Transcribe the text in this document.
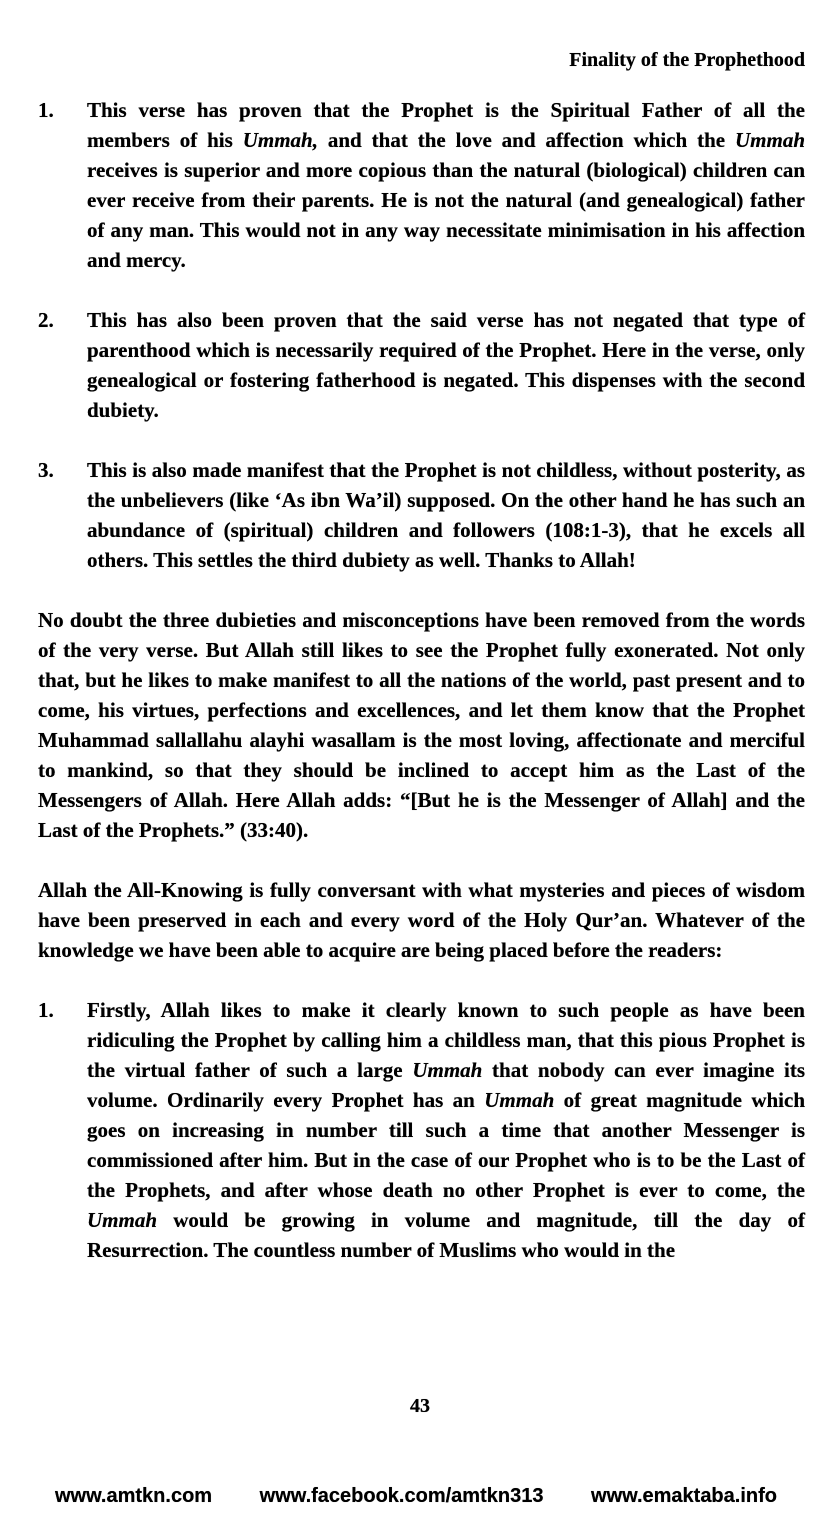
Finality of the Prophethood
1.	This verse has proven that the Prophet is the Spiritual Father of all the members of his Ummah, and that the love and affection which the Ummah receives is superior and more copious than the natural (biological) children can ever receive from their parents. He is not the natural (and genealogical) father of any man. This would not in any way necessitate minimisation in his affection and mercy.
2.	This has also been proven that the said verse has not negated that type of parenthood which is necessarily required of the Prophet. Here in the verse, only genealogical or fostering fatherhood is negated. This dispenses with the second dubiety.
3.	This is also made manifest that the Prophet is not childless, without posterity, as the unbelievers (like ‘As ibn Wa’il) supposed. On the other hand he has such an abundance of (spiritual) children and followers (108:1-3), that he excels all others. This settles the third dubiety as well. Thanks to Allah!

No doubt the three dubieties and misconceptions have been removed from the words of the very verse. But Allah still likes to see the Prophet fully exonerated. Not only that, but he likes to make manifest to all the nations of the world, past present and to come, his virtues, perfections and excellences, and let them know that the Prophet Muhammad sallallahu alayhi wasallam is the most loving, affectionate and merciful to mankind, so that they should be inclined to accept him as the Last of the Messengers of Allah. Here Allah adds: “[But he is the Messenger of Allah] and the Last of the Prophets.” (33:40).

Allah the All-Knowing is fully conversant with what mysteries and pieces of wisdom have been preserved in each and every word of the Holy Qur’an. Whatever of the knowledge we have been able to acquire are being placed before the readers:

1.	Firstly, Allah likes to make it clearly known to such people as have been ridiculing the Prophet by calling him a childless man, that this pious Prophet is the virtual father of such a large Ummah that nobody can ever imagine its volume. Ordinarily every Prophet has an Ummah of great magnitude which goes on increasing in number till such a time that another Messenger is commissioned after him. But in the case of our Prophet who is to be the Last of the Prophets, and after whose death no other Prophet is ever to come, the Ummah would be growing in volume and magnitude, till the day of Resurrection. The countless number of Muslims who would in the
43
www.amtkn.com www.facebook.com/amtkn313 www.emaktaba.info
